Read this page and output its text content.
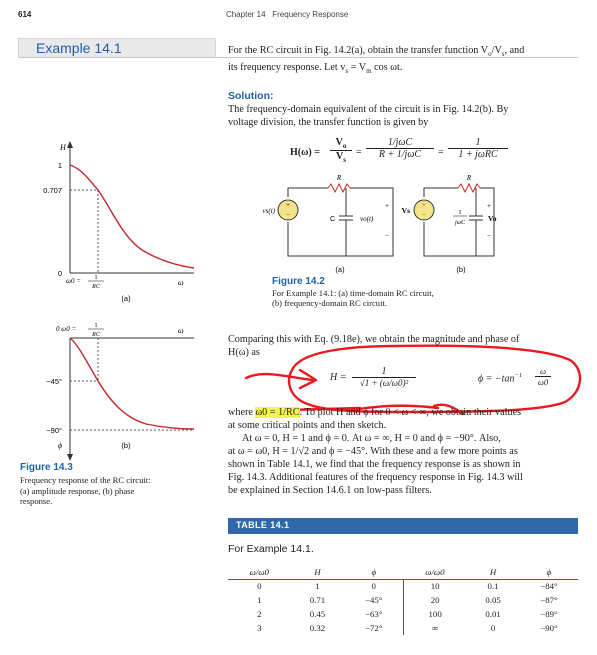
614	Chapter 14 Frequency Response
Example 14.1	For the RC circuit in Fig. 14.2(a), obtain the transfer function $V_o/V_s$, and
its frequency response. Let $v_s = V_m$ cos ωt.
Solution:
The frequency-domain equivalent of the circuit is in Fig. 14.2(b). By
voltage division, the transfer function is given by
H(ω) =
$V_o$
$V_s$
=
1/jωC
R + 1/jωC	=
1
1 + jωRC
+
−
R
C
vs(t)
+
vo(t)
−
(a)
+
−
R
1
jωC
Vs	+
Vo
−
(b)
Figure 14.2
For Example 14.1: (a) time-domain RC circuit,
(b) frequency-domain RC circuit.
Comparing this with Eq. (9.18e), we obtain the magnitude and phase of
H(ω) as
H =
1
√1 + (ω/ω0)²	$\phi = -\tan^{-1}$	ω
ω0
where ω0 = 1/RC. To plot H and ϕ for 0 < ω < ∞, we obtain their values
at some critical points and then sketch.
At ω = 0, H = 1 and ϕ = 0. At ω = ∞, H = 0 and ϕ = −90°. Also,
at ω = ω0, H = 1/√2 and ϕ = −45°. With these and a few more points as
shown in Table 14.1, we find that the frequency response is as shown in
Fig. 14.3. Additional features of the frequency response in Fig. 14.3 will
be explained in Section 14.6.1 on low-pass filters.
H
1
0.707
0
ω0 = 1
RC	ω
(a)
0 ω0 =	1
RC	ω
−45°
−90°
ϕ	(b)
Figure 14.3
Frequency response of the RC circuit:
(a) amplitude response, (b) phase
response.
TABLE 14.1
For Example 14.1.
ω/ω0	H	ϕ	ω/ω0	H	ϕ
0	1	0	10	0.1	−84°
1	0.71	−45°	20	0.05	−87°
2	0.45	−63°	100	0.01	−89°
3	0.32	−72°	∞	0	−90°
